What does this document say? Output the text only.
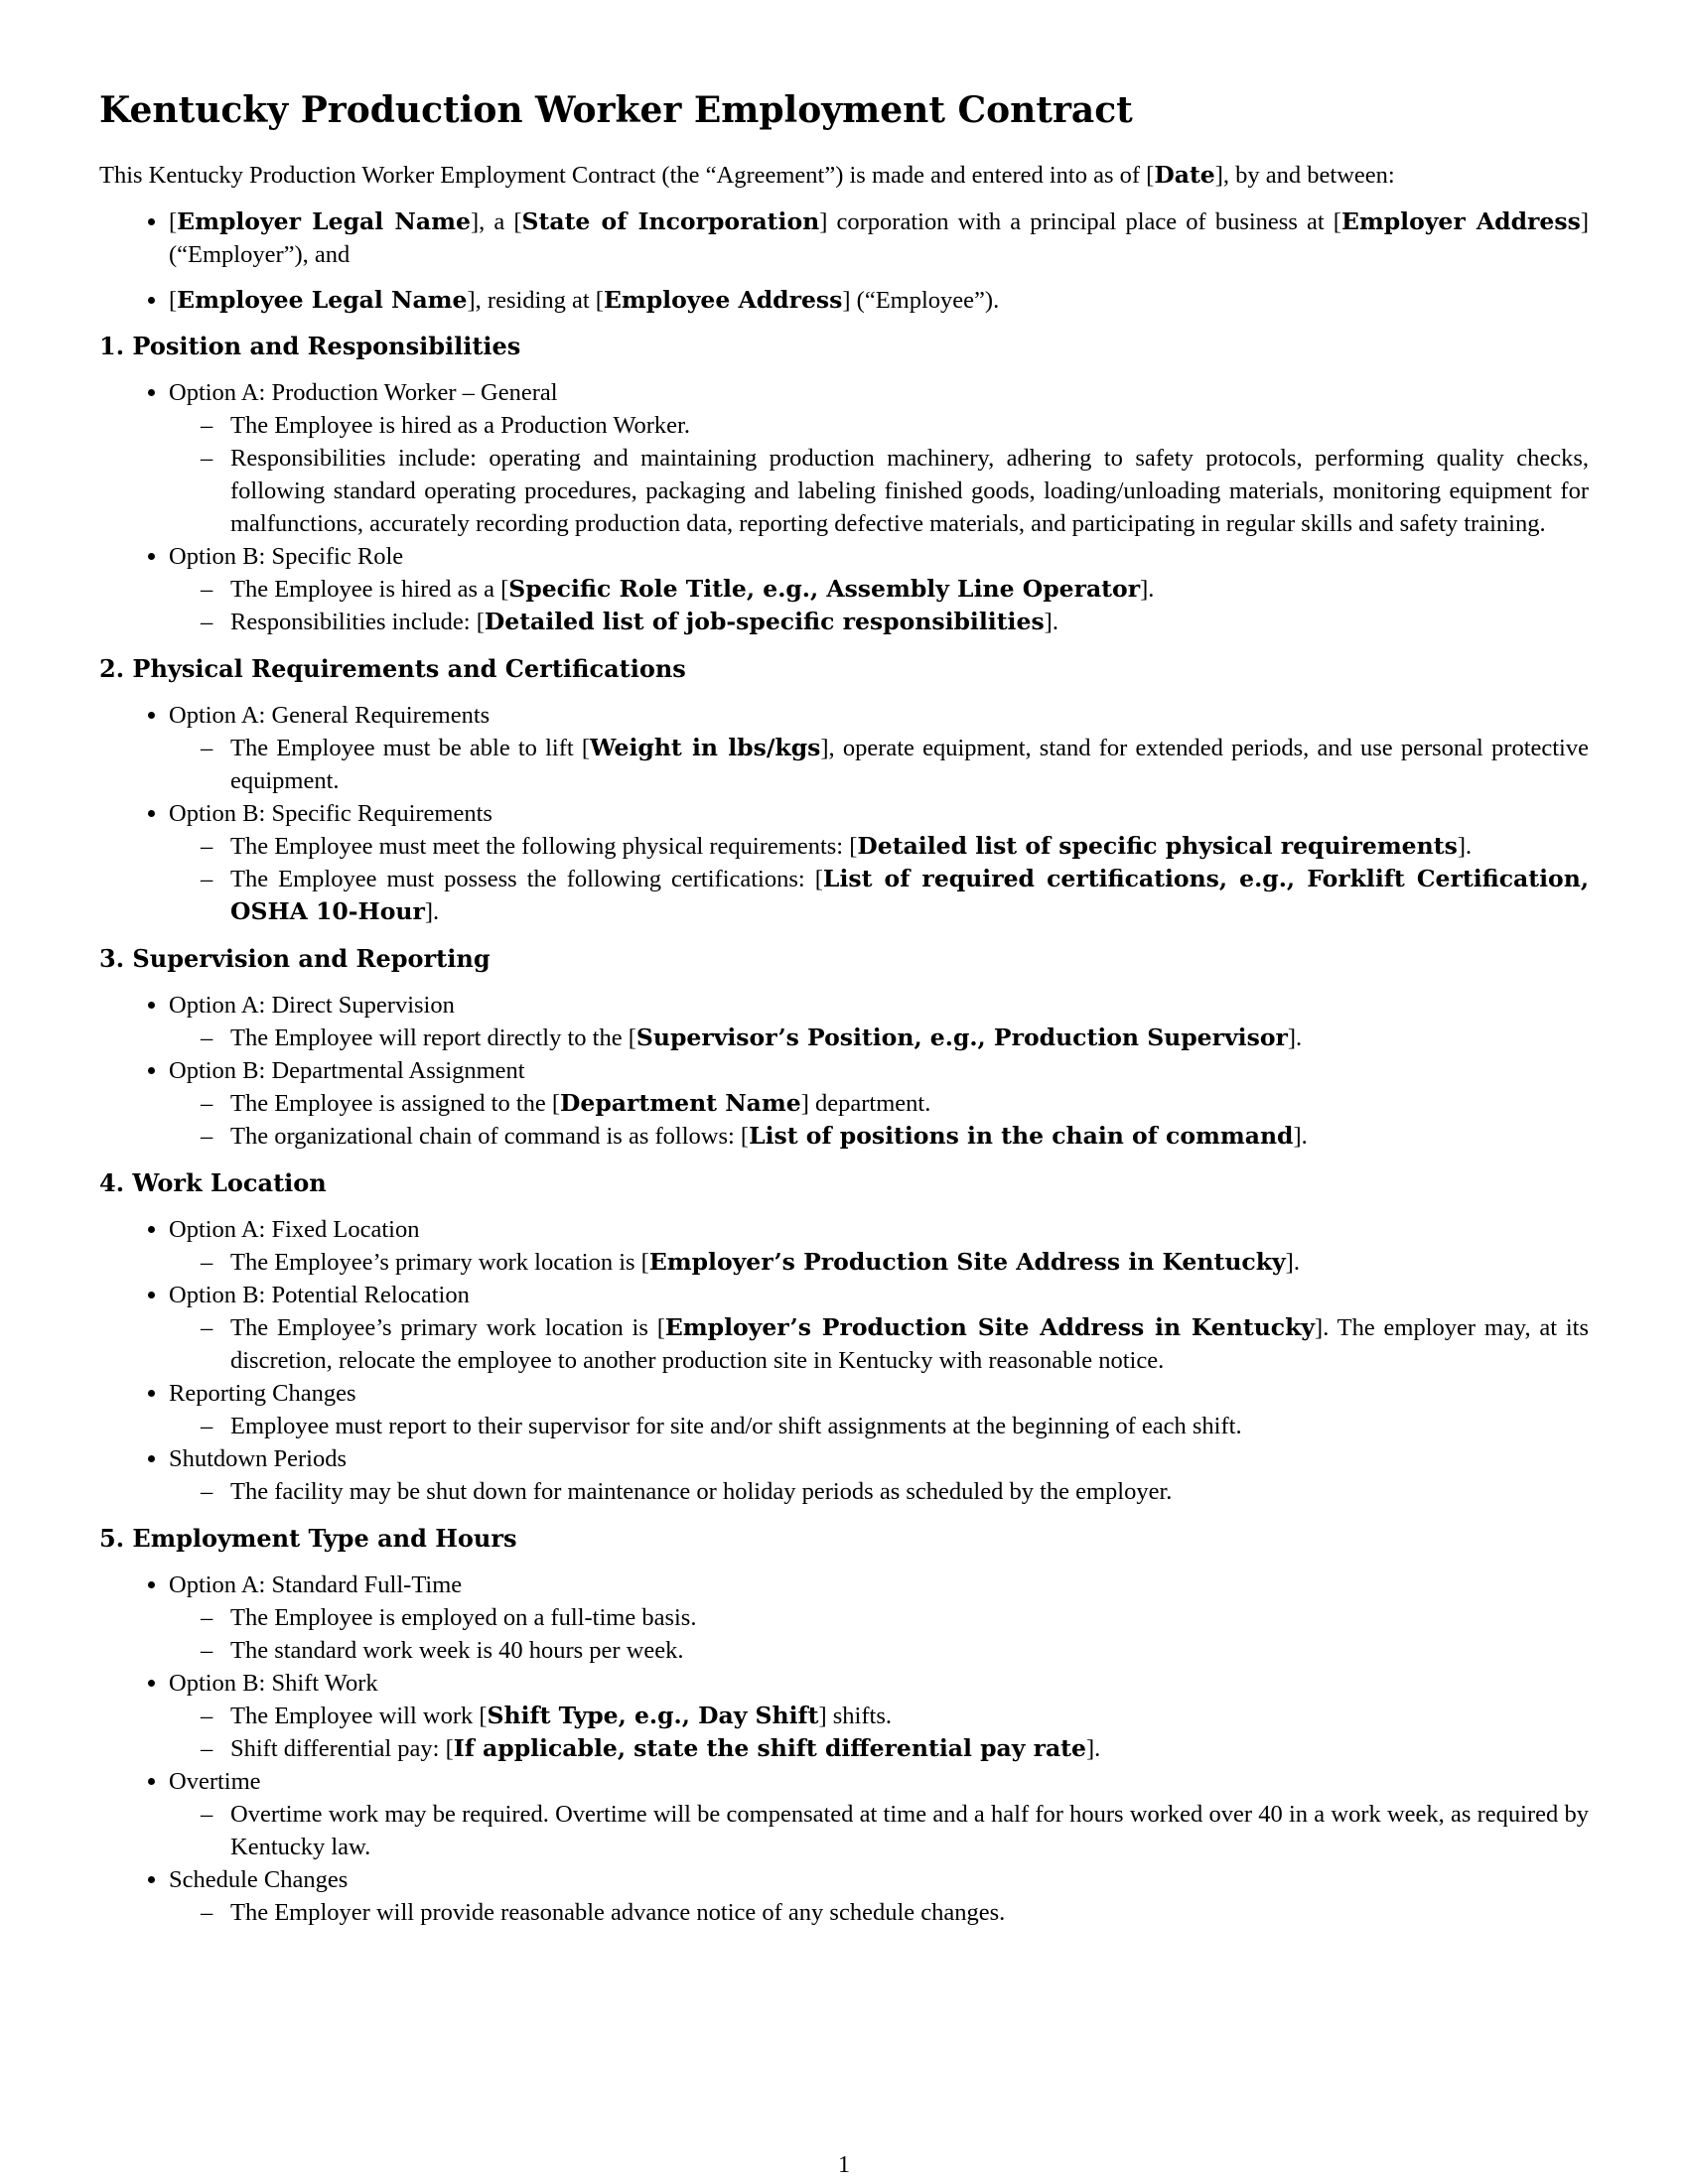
Kentucky Production Worker Employment Contract

This Kentucky Production Worker Employment Contract (the “Agreement”) is made and entered into as of [Date], by and between:

• [Employer Legal Name], a [State of Incorporation] corporation with a principal place of business at [Employer Address] (“Employer”), and
• [Employee Legal Name], residing at [Employee Address] (“Employee”).
1. Position and Responsibilities
• Option A: Production Worker – General
– The Employee is hired as a Production Worker.
– Responsibilities include: operating and maintaining production machinery, adhering to safety protocols, performing quality checks, following standard operating procedures, packaging and labeling finished goods, loading/unloading materials, monitoring equipment for malfunctions, accurately recording production data, reporting defective materials, and participating in regular skills and safety training.
• Option B: Specific Role
– The Employee is hired as a [Specific Role Title, e.g., Assembly Line Operator].
– Responsibilities include: [Detailed list of job-specific responsibilities].
2. Physical Requirements and Certifications
• Option A: General Requirements
– The Employee must be able to lift [Weight in lbs/kgs], operate equipment, stand for extended periods, and use personal protective equipment.
• Option B: Specific Requirements
– The Employee must meet the following physical requirements: [Detailed list of specific physical requirements].
– The Employee must possess the following certifications: [List of required certifications, e.g., Forklift Certification, OSHA 10-Hour].
3. Supervision and Reporting
• Option A: Direct Supervision
– The Employee will report directly to the [Supervisor’s Position, e.g., Production Supervisor].
• Option B: Departmental Assignment
– The Employee is assigned to the [Department Name] department.
– The organizational chain of command is as follows: [List of positions in the chain of command].
4. Work Location
• Option A: Fixed Location
– The Employee’s primary work location is [Employer’s Production Site Address in Kentucky].
• Option B: Potential Relocation
– The Employee’s primary work location is [Employer’s Production Site Address in Kentucky]. The employer may, at its discretion, relocate the employee to another production site in Kentucky with reasonable notice.
• Reporting Changes
– Employee must report to their supervisor for site and/or shift assignments at the beginning of each shift.
• Shutdown Periods
– The facility may be shut down for maintenance or holiday periods as scheduled by the employer.
5. Employment Type and Hours
• Option A: Standard Full-Time
– The Employee is employed on a full-time basis.
– The standard work week is 40 hours per week.
• Option B: Shift Work
– The Employee will work [Shift Type, e.g., Day Shift] shifts.
– Shift differential pay: [If applicable, state the shift differential pay rate].
• Overtime
– Overtime work may be required. Overtime will be compensated at time and a half for hours worked over 40 in a work week, as required by Kentucky law.
• Schedule Changes
– The Employer will provide reasonable advance notice of any schedule changes.
1
